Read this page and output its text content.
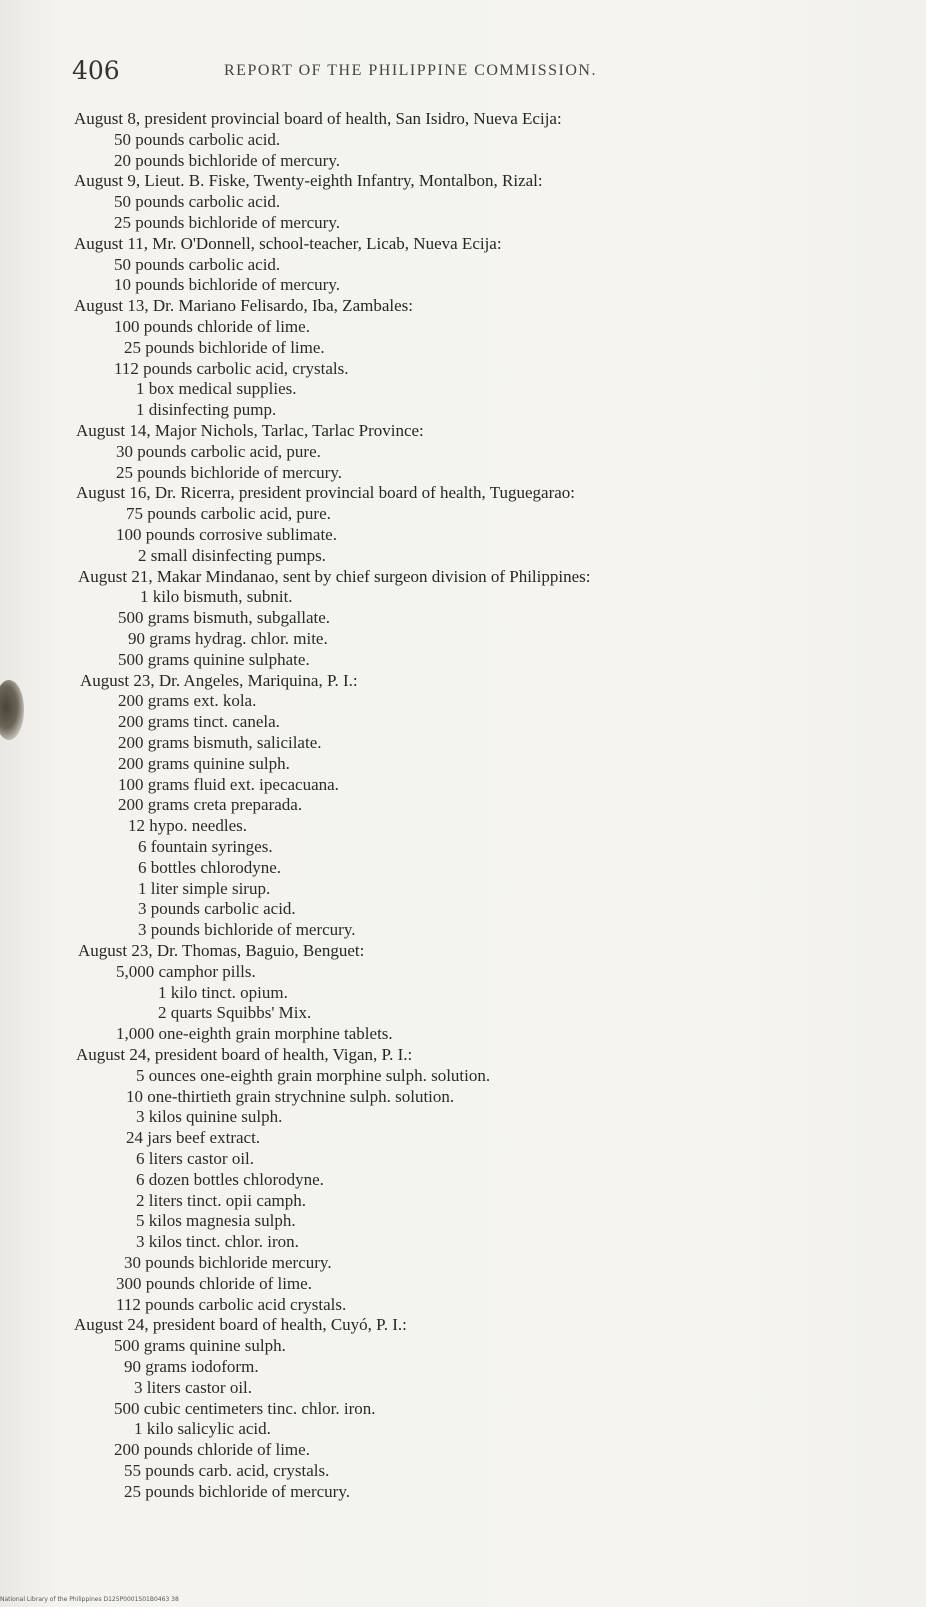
406	REPORT OF THE PHILIPPINE COMMISSION.
August 8, president provincial board of health, San Isidro, Nueva Ecija:
50 pounds carbolic acid.
20 pounds bichloride of mercury.
August 9, Lieut. B. Fiske, Twenty-eighth Infantry, Montalbon, Rizal:
50 pounds carbolic acid.
25 pounds bichloride of mercury.
August 11, Mr. O'Donnell, school-teacher, Licab, Nueva Ecija:
50 pounds carbolic acid.
10 pounds bichloride of mercury.
August 13, Dr. Mariano Felisardo, Iba, Zambales:
100 pounds chloride of lime.
25 pounds bichloride of lime.
112 pounds carbolic acid, crystals.
1 box medical supplies.
1 disinfecting pump.
August 14, Major Nichols, Tarlac, Tarlac Province:
30 pounds carbolic acid, pure.
25 pounds bichloride of mercury.
August 16, Dr. Ricerra, president provincial board of health, Tuguegarao:
75 pounds carbolic acid, pure.
100 pounds corrosive sublimate.
2 small disinfecting pumps.
August 21, Makar Mindanao, sent by chief surgeon division of Philippines:
1 kilo bismuth, subnit.
500 grams bismuth, subgallate.
90 grams hydrag. chlor. mite.
500 grams quinine sulphate.
August 23, Dr. Angeles, Mariquina, P. I.:
200 grams ext. kola.
200 grams tinct. canela.
200 grams bismuth, salicilate.
200 grams quinine sulph.
100 grams fluid ext. ipecacuana.
200 grams creta preparada.
12 hypo. needles.
6 fountain syringes.
6 bottles chlorodyne.
1 liter simple sirup.
3 pounds carbolic acid.
3 pounds bichloride of mercury.
August 23, Dr. Thomas, Baguio, Benguet:
5,000 camphor pills.
1 kilo tinct. opium.
2 quarts Squibbs' Mix.
1,000 one-eighth grain morphine tablets.
August 24, president board of health, Vigan, P. I.:
5 ounces one-eighth grain morphine sulph. solution.
10 one-thirtieth grain strychnine sulph. solution.
3 kilos quinine sulph.
24 jars beef extract.
6 liters castor oil.
6 dozen bottles chlorodyne.
2 liters tinct. opii camph.
5 kilos magnesia sulph.
3 kilos tinct. chlor. iron.
30 pounds bichloride mercury.
300 pounds chloride of lime.
112 pounds carbolic acid crystals.
August 24, president board of health, Cuyó, P. I.:
500 grams quinine sulph.
90 grams iodoform.
3 liters castor oil.
500 cubic centimeters tinc. chlor. iron.
1 kilo salicylic acid.
200 pounds chloride of lime.
55 pounds carb. acid, crystals.
25 pounds bichloride of mercury.
National Library of the Philippines D125P0001S01B0463 38
